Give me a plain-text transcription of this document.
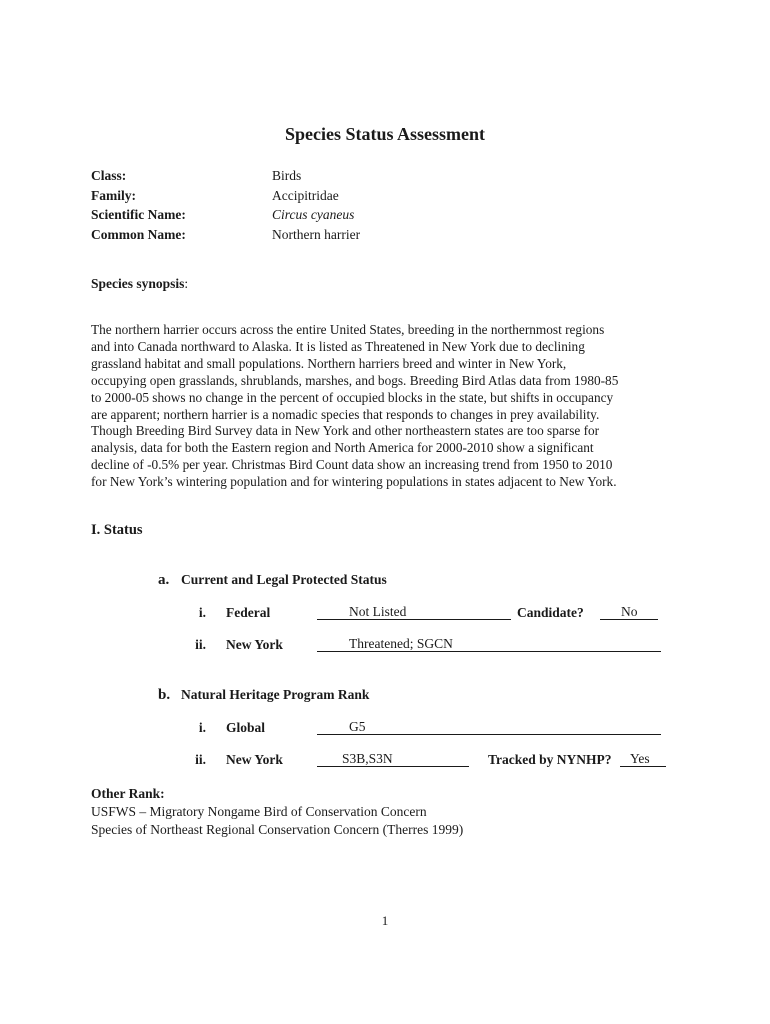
Species Status Assessment
Class:	Birds
Family:	Accipitridae
Scientific Name:	Circus cyaneus
Common Name:	Northern harrier
Species synopsis:
The northern harrier occurs across the entire United States, breeding in the northernmost regions
and into Canada northward to Alaska. It is listed as Threatened in New York due to declining
grassland habitat and small populations. Northern harriers breed and winter in New York,
occupying open grasslands, shrublands, marshes, and bogs. Breeding Bird Atlas data from 1980-85
to 2000-05 shows no change in the percent of occupied blocks in the state, but shifts in occupancy
are apparent; northern harrier is a nomadic species that responds to changes in prey availability.
Though Breeding Bird Survey data in New York and other northeastern states are too sparse for
analysis, data for both the Eastern region and North America for 2000-2010 show a significant
decline of -0.5% per year. Christmas Bird Count data show an increasing trend from 1950 to 2010
for New York’s wintering population and for wintering populations in states adjacent to New York.
I. Status
a. Current and Legal Protected Status
i. Federal	Not Listed	Candidate?	No
ii. New York	Threatened; SGCN
b. Natural Heritage Program Rank
i. Global	G5
ii. New York	S3B,S3N	Tracked by NYNHP?	Yes
Other Rank:
USFWS – Migratory Nongame Bird of Conservation Concern
Species of Northeast Regional Conservation Concern (Therres 1999)
1
